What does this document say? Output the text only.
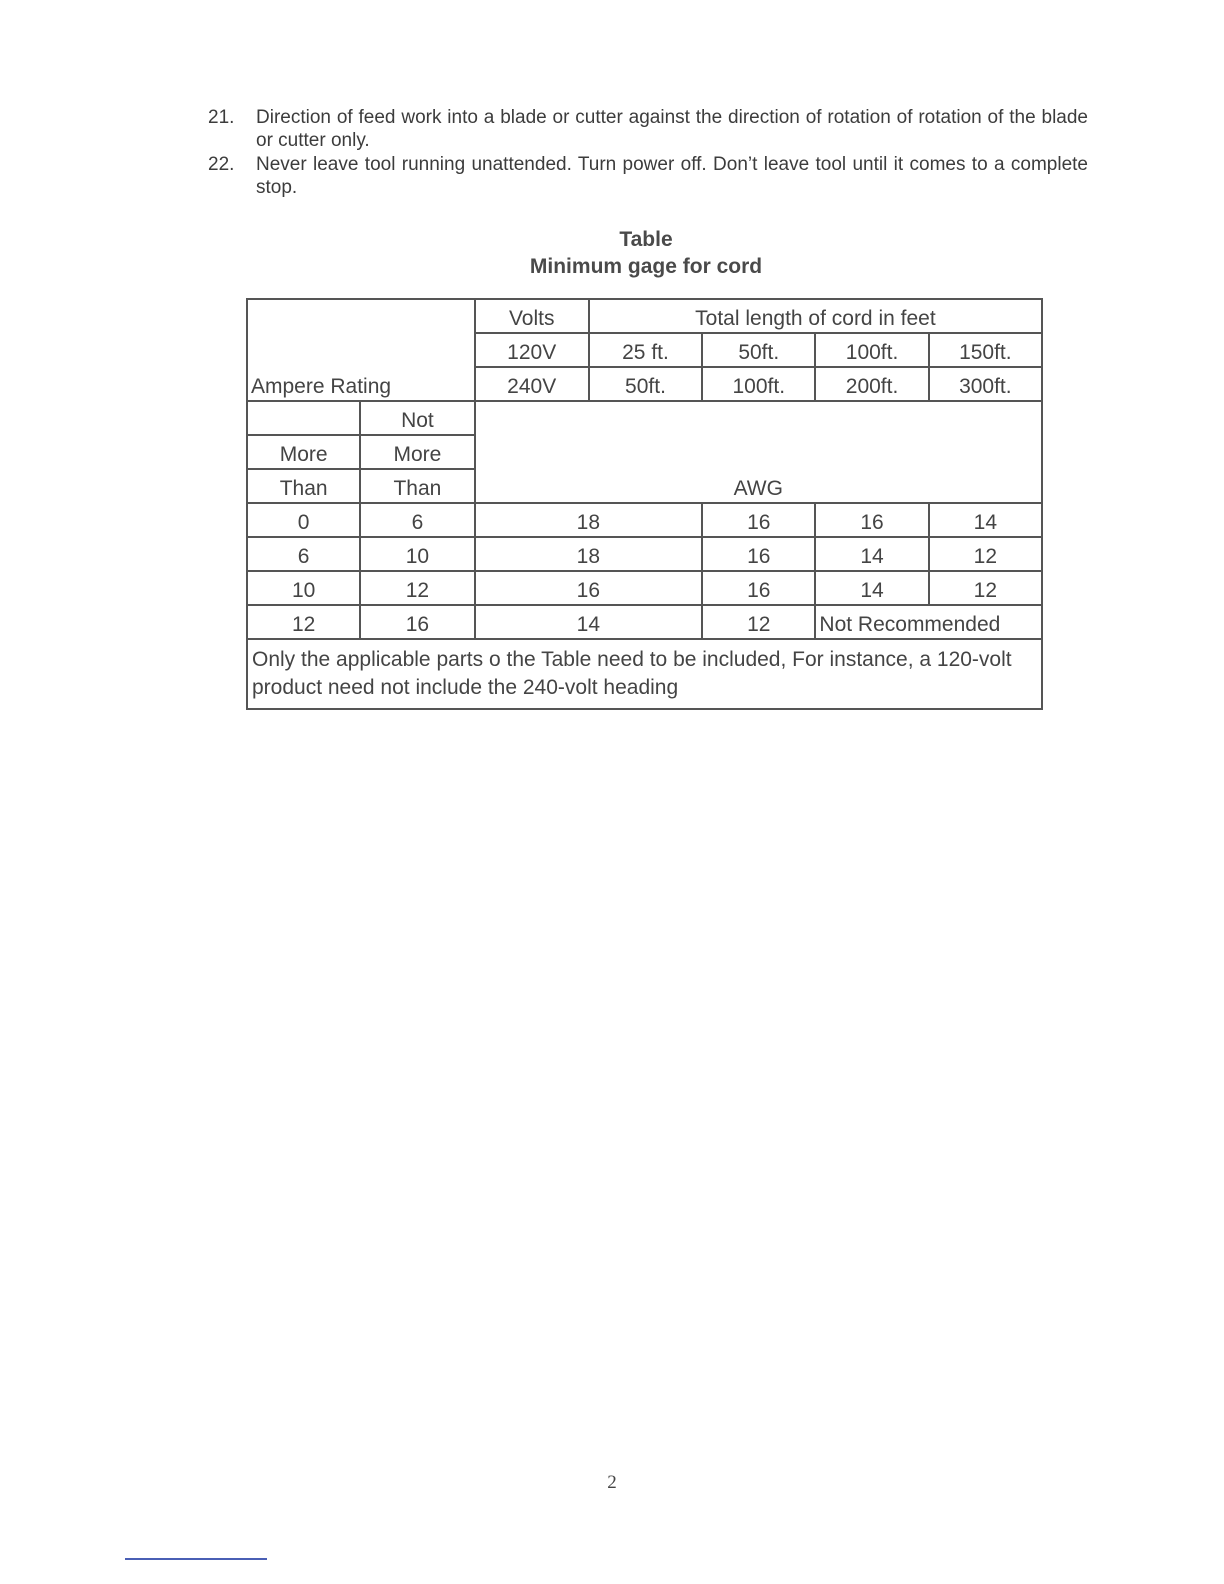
21.	Direction of feed work into a blade or cutter against the direction of rotation of rotation of the blade or cutter only.
22.	Never leave tool running unattended. Turn power off. Don’t leave tool until it comes to a complete stop.
Table
Minimum gage for cord
Ampere Rating		Volts	Total length of cord in feet			
		120V	25 ft.	50ft.	100ft.	150ft.
		240V	50ft.	100ft.	200ft.	300ft.
	Not	AWG				
More	More					
Than	Than					
0	6	18		16	16	14
6	10	18		16	14	12
10	12	16		16	14	12
12	16	14		12	Not Recommended	
Only the applicable parts o the Table need to be included, For instance, a 120-volt product need not include the 240-volt heading						
2
